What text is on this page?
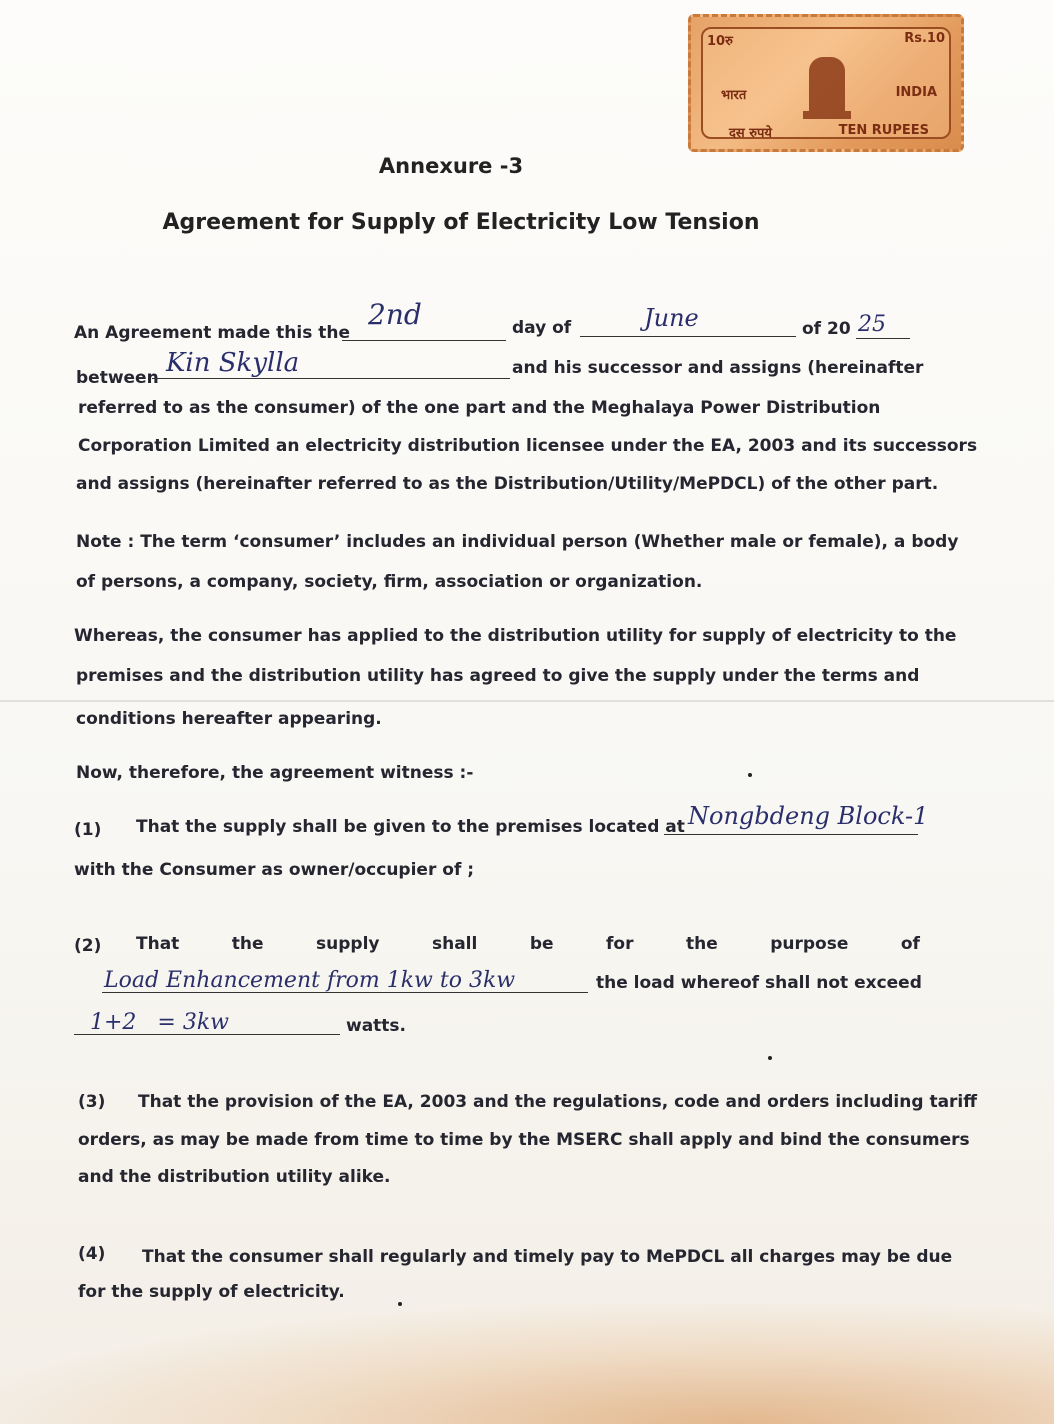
10रु	Rs.10
भारत	INDIA
दस रुपये	TEN RUPEES
Annexure -3
Agreement for Supply of Electricity Low Tension
An Agreement made this the
2nd	day of	June	of 20 25
between Kin Skylla	and his successor and assigns (hereinafter
referred to as the consumer) of the one part and the Meghalaya Power Distribution
Corporation Limited an electricity distribution licensee under the EA, 2003 and its successors
and assigns (hereinafter referred to as the Distribution/Utility/MePDCL) of the other part.
Note : The term ‘consumer’ includes an individual person (Whether male or female), a body
of persons, a company, society, firm, association or organization.
Whereas, the consumer has applied to the distribution utility for supply of electricity to the
premises and the distribution utility has agreed to give the supply under the terms and
conditions hereafter appearing.
Now, therefore, the agreement witness :-
(1) That the supply shall be given to the premises located at Nongbdeng Block-1
with the Consumer as owner/occupier of ;
(2) That	the	supply	shall	be	for	the	purpose	of
Load Enhancement from 1kw to 3kw	the load whereof shall not exceed
1+2   = 3kw	watts.
(3) That the provision of the EA, 2003 and the regulations, code and orders including tariff
orders, as may be made from time to time by the MSERC shall apply and bind the consumers
and the distribution utility alike.
(4) That the consumer shall regularly and timely pay to MePDCL all charges may be due
for the supply of electricity.
